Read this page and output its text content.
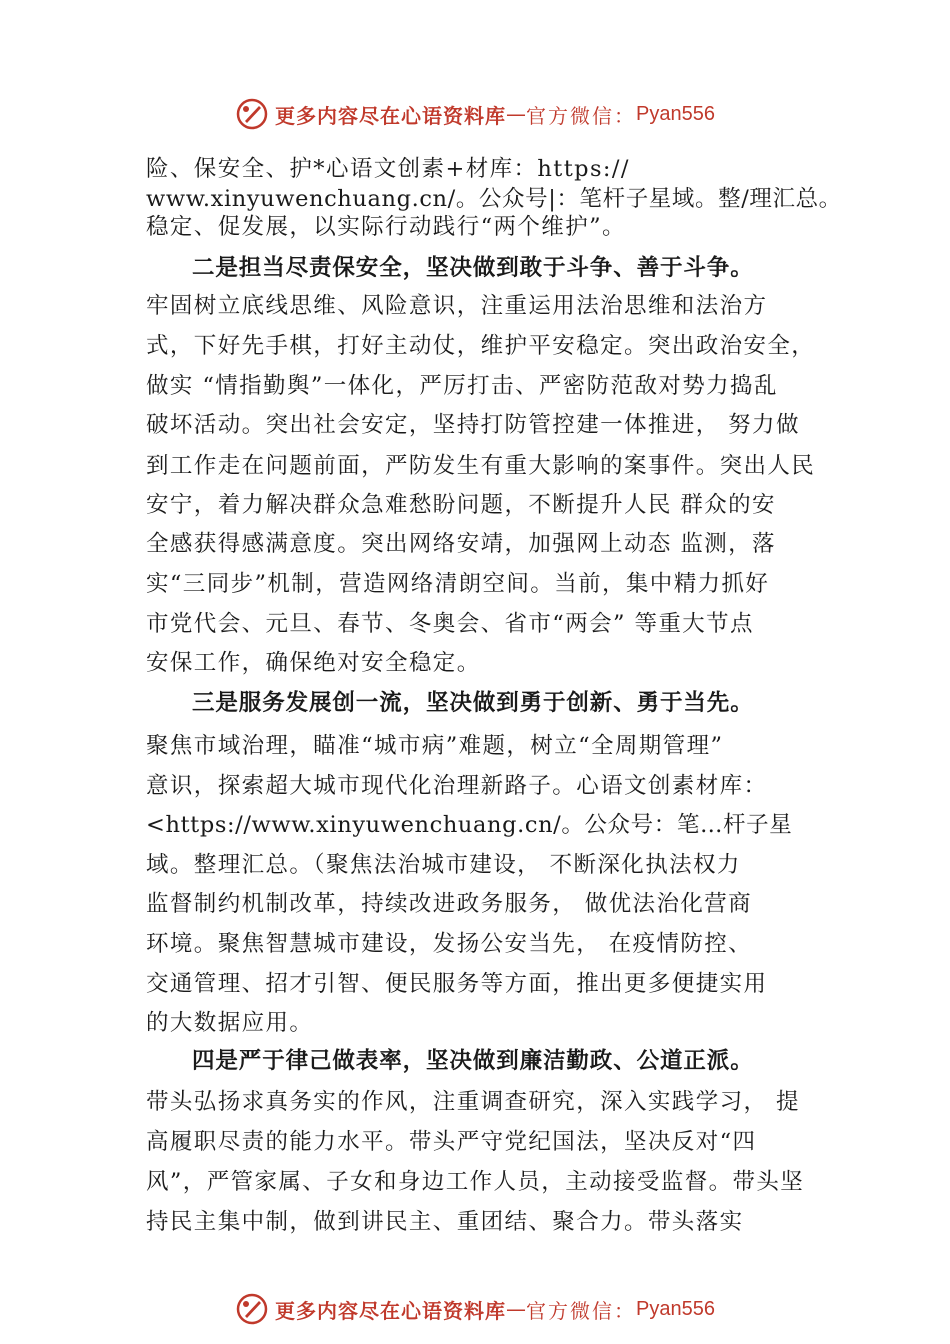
更多内容尽在心语资料库 — 官方微信： Pyan556
险、保安全、护*心语文创素+材库：https://
www.xinyuwenchuang.cn/。公众号|：笔杆子星域。整/理汇总。
稳定、促发展，以实际行动践行“两个维护”。
二是担当尽责保安全，坚决做到敢于斗争、善于斗争。
牢固树立底线思维、风险意识，注重运用法治思维和法治方
式，下好先手棋，打好主动仗，维护平安稳定。突出政治安全，
做实 “情指勤舆”一体化，严厉打击、严密防范敌对势力捣乱
破坏活动。突出社会安定，坚持打防管控建一体推进， 努力做
到工作走在问题前面，严防发生有重大影响的案事件。突出人民
安宁，着力解决群众急难愁盼问题，不断提升人民 群众的安
全感获得感满意度。突出网络安靖，加强网上动态 监测，落
实“三同步”机制，营造网络清朗空间。当前，集中精力抓好
市党代会、元旦、春节、冬奥会、省市“两会” 等重大节点
安保工作，确保绝对安全稳定。
三是服务发展创一流，坚决做到勇于创新、勇于当先。
聚焦市域治理，瞄准“城市病”难题，树立“全周期管理”
意识，探索超大城市现代化治理新路子。心语文创素材库：
<https://www.xinyuwenchuang.cn/。公众号：笔…杆子星
域。整理汇总。（聚焦法治城市建设， 不断深化执法权力
监督制约机制改革，持续改进政务服务， 做优法治化营商
环境。聚焦智慧城市建设，发扬公安当先， 在疫情防控、
交通管理、招才引智、便民服务等方面，推出更多便捷实用
的大数据应用。
四是严于律己做表率，坚决做到廉洁勤政、公道正派。
带头弘扬求真务实的作风，注重调查研究，深入实践学习， 提
高履职尽责的能力水平。带头严守党纪国法，坚决反对“四
风”，严管家属、子女和身边工作人员，主动接受监督。带头坚
持民主集中制，做到讲民主、重团结、聚合力。带头落实
更多内容尽在心语资料库 — 官方微信： Pyan556
